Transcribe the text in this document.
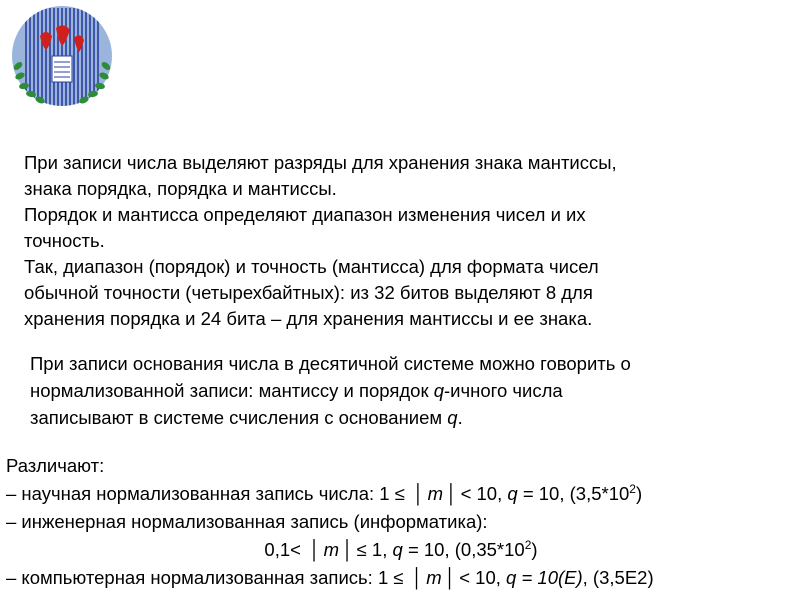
При записи числа выделяют разряды для хранения знака мантиссы,

знака порядка, порядка и мантиссы.

Порядок и мантисса определяют диапазон изменения чисел и их

точность.

Так, диапазон (порядок) и точность (мантисса) для формата чисел

обычной точности (четырехбайтных): из 32 битов выделяют 8 для

хранения порядка и 24 бита – для хранения мантиссы и ее знака.

При записи основания числа в десятичной системе можно говорить о

нормализованной записи: мантиссу и порядок q-ичного числа

записывают в системе счисления с основанием q.

Различают:

– научная нормализованная запись числа: 1 ≤ │ m │ < 10, q = 10, $(3,5*10^2)$

– инженерная нормализованная запись (информатика):

0,1< │ m │ ≤ 1, q = 10, $(0,35*10^2)$

– компьютерная нормализованная запись: 1 ≤ │ m │ < 10, q = 10(E), (3,5E2)
